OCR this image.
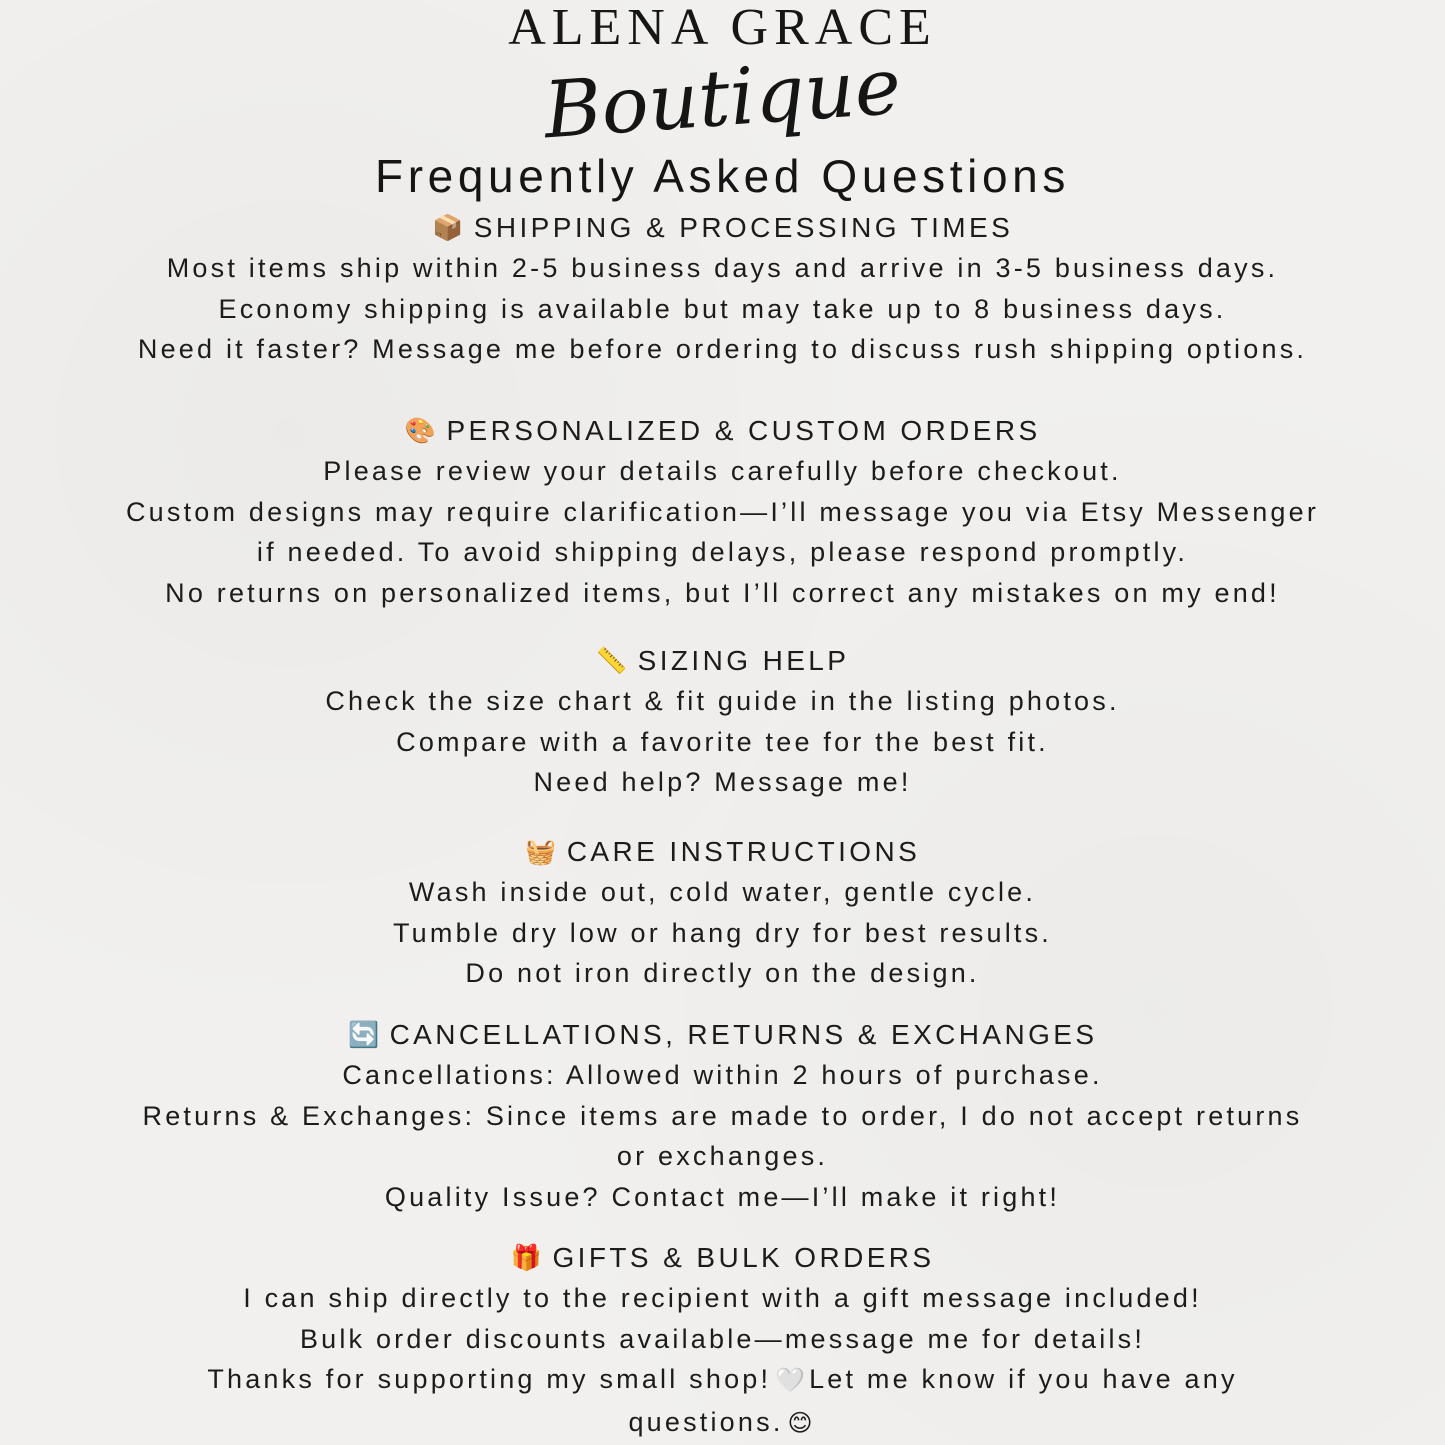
ALENA GRACE
Boutique
Frequently Asked Questions
📦 SHIPPING & PROCESSING TIMES
Most items ship within 2-5 business days and arrive in 3-5 business days.
Economy shipping is available but may take up to 8 business days.
Need it faster? Message me before ordering to discuss rush shipping options.
🎨 PERSONALIZED & CUSTOM ORDERS
Please review your details carefully before checkout.
Custom designs may require clarification—I’ll message you via Etsy Messenger
if needed. To avoid shipping delays, please respond promptly.
No returns on personalized items, but I’ll correct any mistakes on my end!
📏 SIZING HELP
Check the size chart & fit guide in the listing photos.
Compare with a favorite tee for the best fit.
Need help? Message me!
🧺 CARE INSTRUCTIONS
Wash inside out, cold water, gentle cycle.
Tumble dry low or hang dry for best results.
Do not iron directly on the design.
🔄 CANCELLATIONS, RETURNS & EXCHANGES
Cancellations: Allowed within 2 hours of purchase.
Returns & Exchanges: Since items are made to order, I do not accept returns
or exchanges.
Quality Issue? Contact me—I’ll make it right!
🎁 GIFTS & BULK ORDERS
I can ship directly to the recipient with a gift message included!
Bulk order discounts available—message me for details!
Thanks for supporting my small shop! 🤍 Let me know if you have any
questions. 😊
